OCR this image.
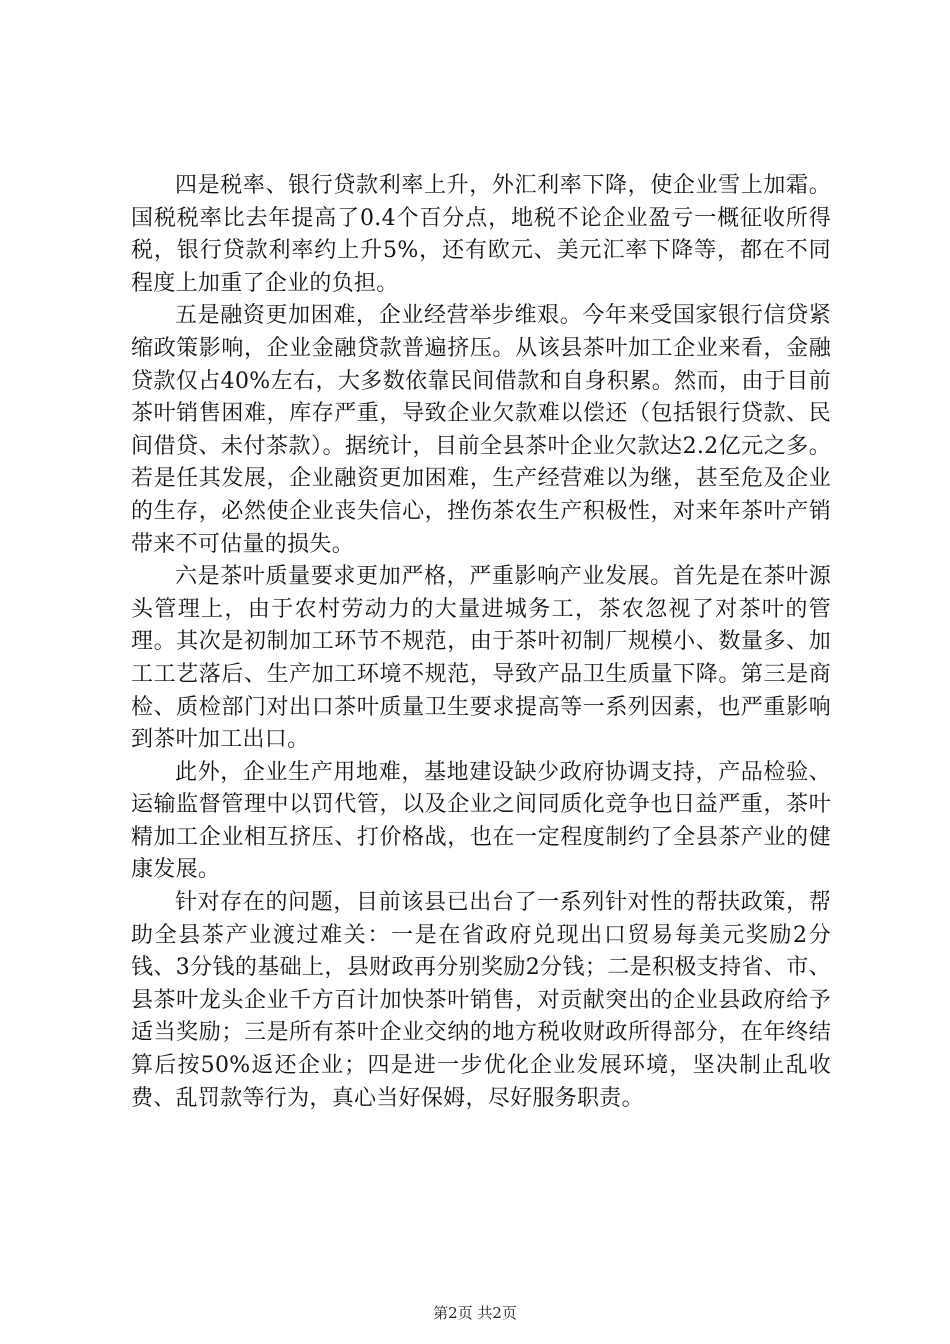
四是税率、银行贷款利率上升，外汇利率下降，使企业雪上加霜。国税税率比去年提高了0.4个百分点，地税不论企业盈亏一概征收所得税，银行贷款利率约上升5%，还有欧元、美元汇率下降等，都在不同程度上加重了企业的负担。

五是融资更加困难，企业经营举步维艰。今年来受国家银行信贷紧缩政策影响，企业金融贷款普遍挤压。从该县茶叶加工企业来看，金融贷款仅占40%左右，大多数依靠民间借款和自身积累。然而，由于目前茶叶销售困难，库存严重，导致企业欠款难以偿还（包括银行贷款、民间借贷、未付茶款）。据统计，目前全县茶叶企业欠款达2.2亿元之多。若是任其发展，企业融资更加困难，生产经营难以为继，甚至危及企业的生存，必然使企业丧失信心，挫伤茶农生产积极性，对来年茶叶产销带来不可估量的损失。

六是茶叶质量要求更加严格，严重影响产业发展。首先是在茶叶源头管理上，由于农村劳动力的大量进城务工，茶农忽视了对茶叶的管理。其次是初制加工环节不规范，由于茶叶初制厂规模小、数量多、加工工艺落后、生产加工环境不规范，导致产品卫生质量下降。第三是商检、质检部门对出口茶叶质量卫生要求提高等一系列因素，也严重影响到茶叶加工出口。

此外，企业生产用地难，基地建设缺少政府协调支持，产品检验、运输监督管理中以罚代管，以及企业之间同质化竞争也日益严重，茶叶精加工企业相互挤压、打价格战，也在一定程度制约了全县茶产业的健康发展。

针对存在的问题，目前该县已出台了一系列针对性的帮扶政策，帮助全县茶产业渡过难关：一是在省政府兑现出口贸易每美元奖励2分钱、3分钱的基础上，县财政再分别奖励2分钱；二是积极支持省、市、县茶叶龙头企业千方百计加快茶叶销售，对贡献突出的企业县政府给予适当奖励；三是所有茶叶企业交纳的地方税收财政所得部分，在年终结算后按50%返还企业；四是进一步优化企业发展环境，坚决制止乱收费、乱罚款等行为，真心当好保姆，尽好服务职责。

第2页 共2页
